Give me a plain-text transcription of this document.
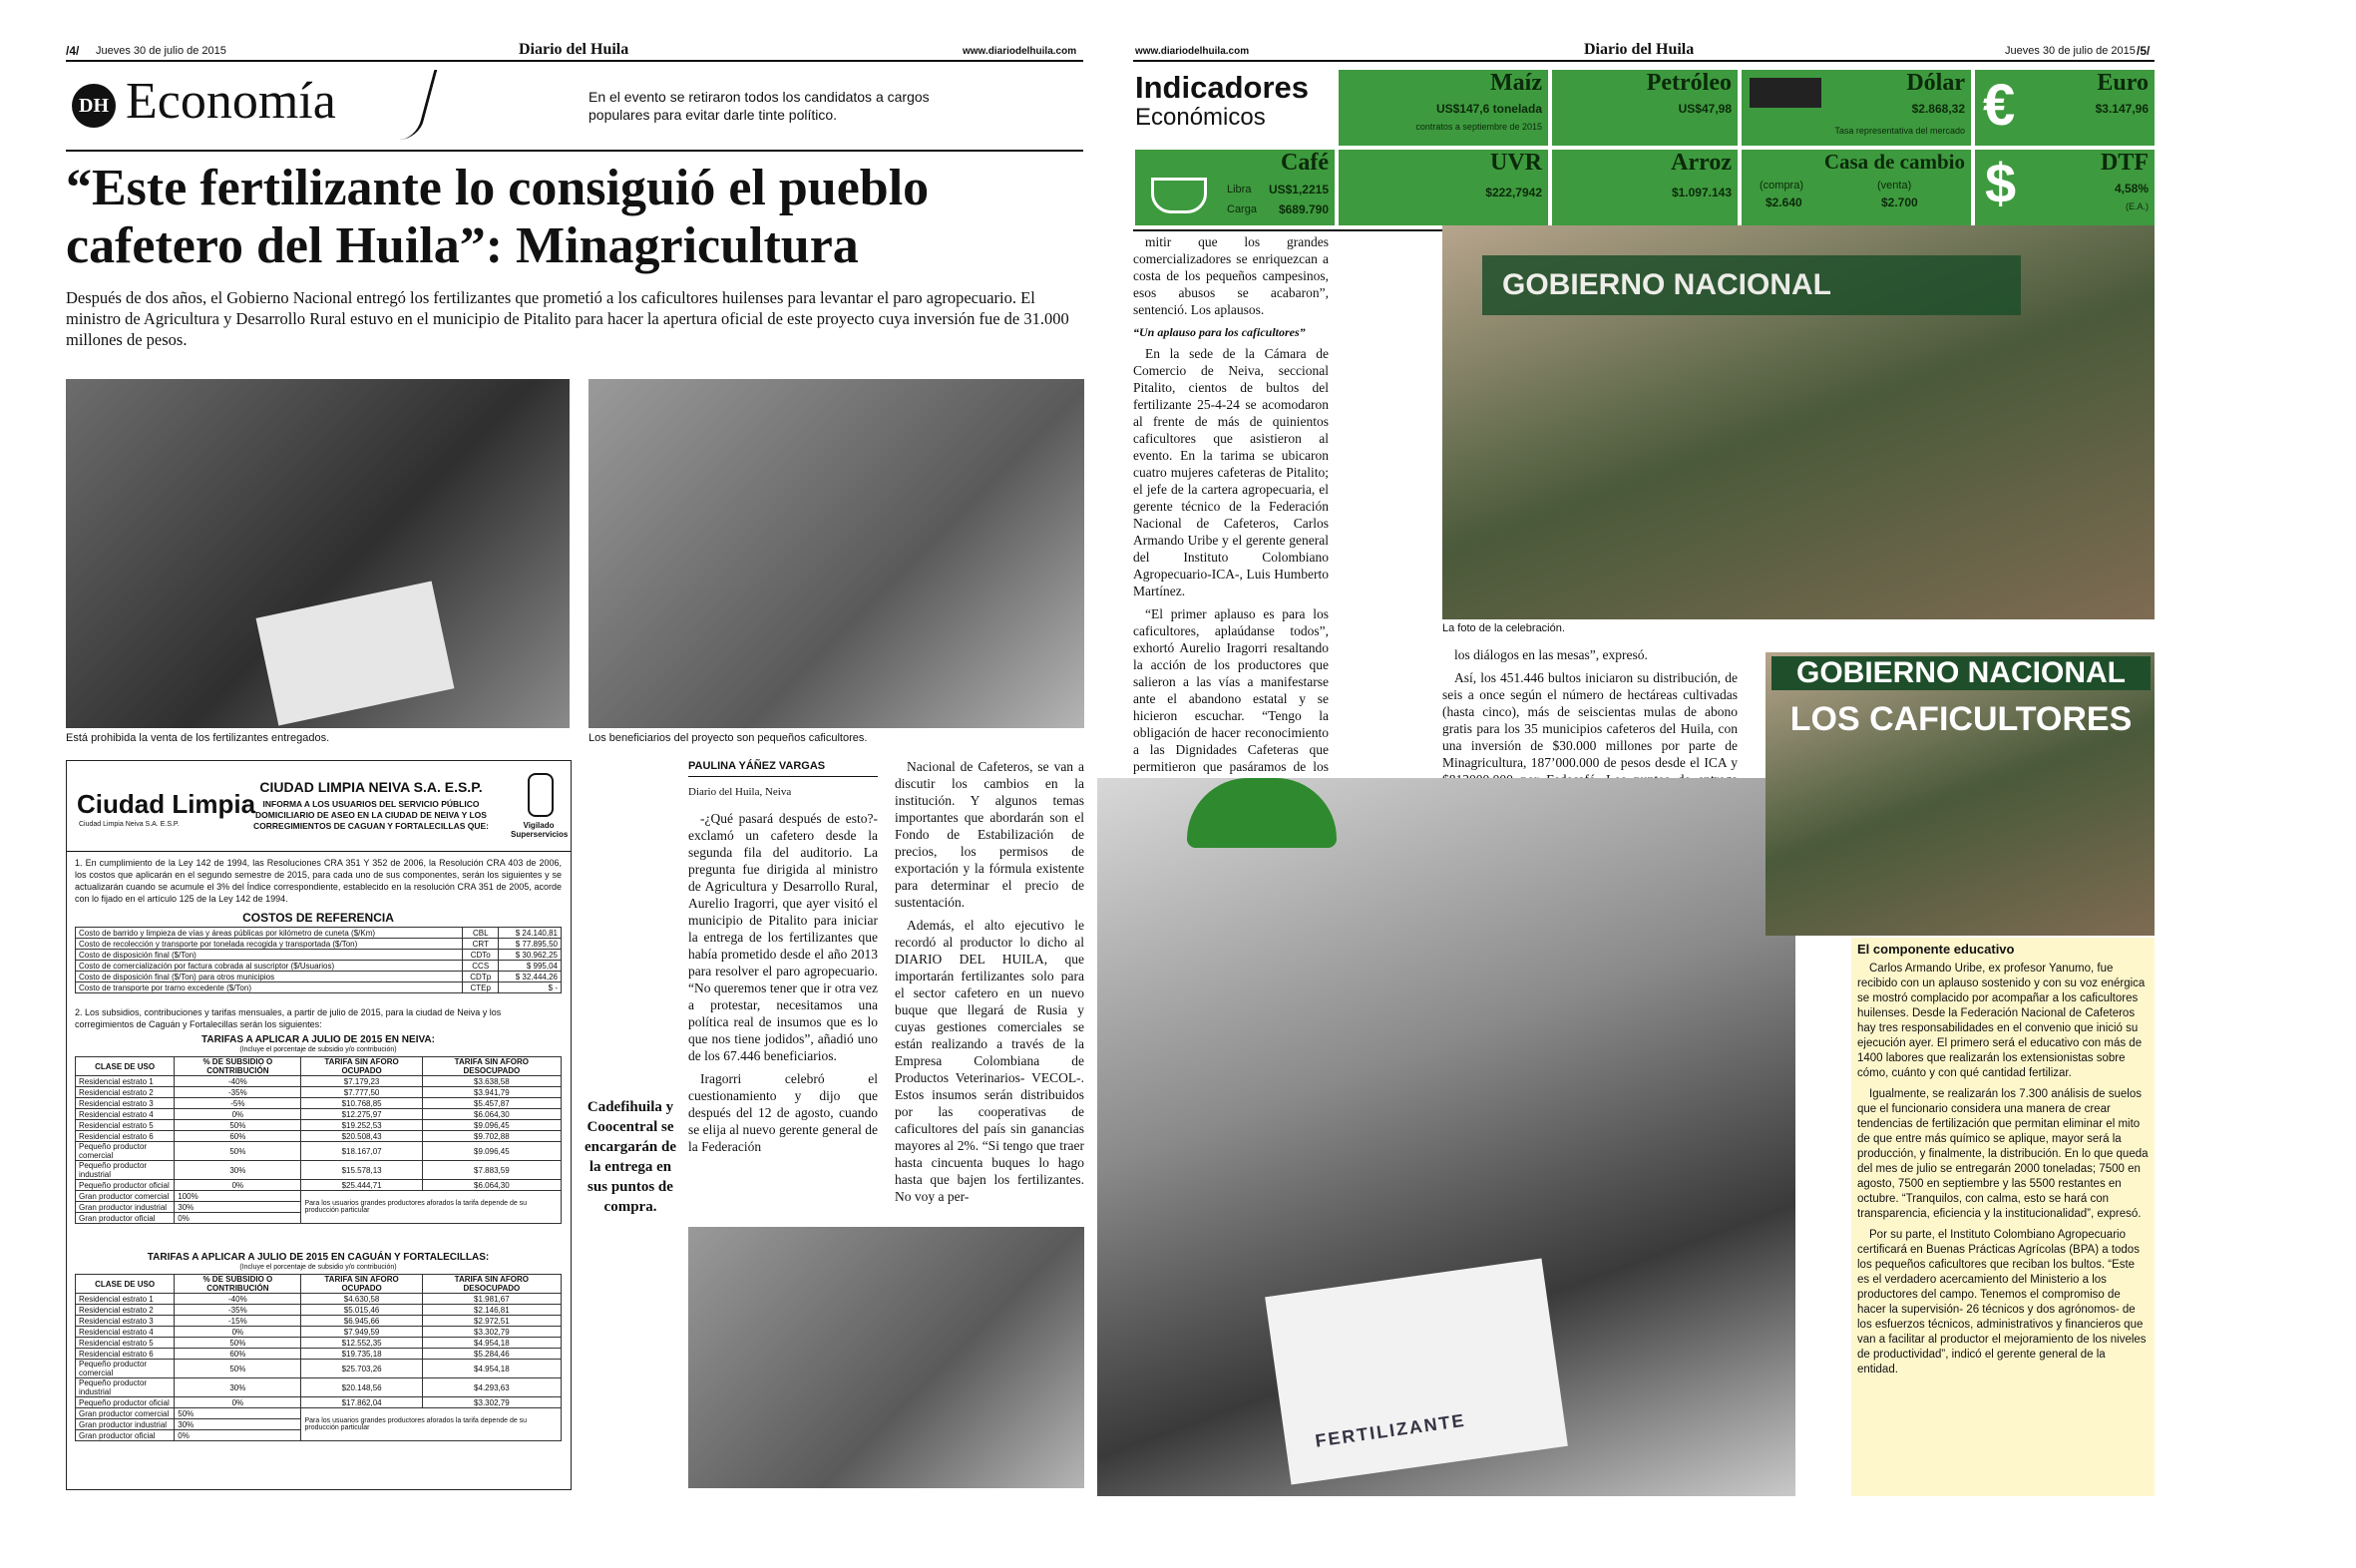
/4/ Jueves 30 de julio de 2015	Diario del Huila	www.diariodelhuila.com
DH Economía	En el evento se retiraron todos los candidatos a cargos populares para evitar darle tinte político.
“Este fertilizante lo consiguió el pueblo cafetero del Huila”: Minagricultura
Después de dos años, el Gobierno Nacional entregó los fertilizantes que prometió a los caficultores huilenses para levantar el paro agropecuario. El ministro de Agricultura y Desarrollo Rural estuvo en el municipio de Pitalito para hacer la apertura oficial de este proyecto cuya inversión fue de 31.000 millones de pesos.
Está prohibida la venta de los fertilizantes entregados.	Los beneficiarios del proyecto son pequeños caficultores.
Ciudad Limpia
Ciudad Limpia Neiva S.A. E.S.P.
CIUDAD LIMPIA NEIVA S.A. E.S.P.
INFORMA A LOS USUARIOS DEL SERVICIO PÚBLICO DOMICILIARIO DE ASEO EN LA CIUDAD DE NEIVA Y LOS CORREGIMIENTOS DE CAGUAN Y FORTALECILLAS QUE:	Vigilado Superservicios
1. En cumplimiento de la Ley 142 de 1994, las Resoluciones CRA 351 Y 352 de 2006, la Resolución CRA 403 de 2006, los costos que aplicarán en el segundo semestre de 2015, para cada uno de sus componentes, serán los siguientes y se actualizarán cuando se acumule el 3% del Índice correspondiente, establecido en la resolución CRA 351 de 2005, acorde con lo fijado en el artículo 125 de la Ley 142 de 1994.
COSTOS DE REFERENCIA
Costo de barrido y limpieza de vías y áreas públicas por kilómetro de cuneta ($/Km)	CBL	$ 24.140,81
Costo de recolección y transporte por tonelada recogida y transportada ($/Ton)	CRT	$ 77.895,50
Costo de disposición final ($/Ton)	CDTo	$ 30.962,25
Costo de comercialización por factura cobrada al suscriptor ($/Usuarios)	CCS	$ 995,04
Costo de disposición final ($/Ton) para otros municipios	CDTp	$ 32.444,26
Costo de transporte por tramo excedente ($/Ton)	CTEp	$ -
2. Los subsidios, contribuciones y tarifas mensuales, a partir de julio de 2015, para la ciudad de Neiva y los corregimientos de Caguán y Fortalecillas serán los siguientes:
TARIFAS A APLICAR A JULIO DE 2015 EN NEIVA:
(Incluye el porcentaje de subsidio y/o contribución)
CLASE DE USO	% DE SUBSIDIO O CONTRIBUCIÓN	TARIFA SIN AFORO OCUPADO	TARIFA SIN AFORO DESOCUPADO
Residencial estrato 1	-40%	$7.179,23	$3.638,58
Residencial estrato 2	-35%	$7.777,50	$3.941,79
Residencial estrato 3	-5%	$10.768,85	$5.457,87
Residencial estrato 4	0%	$12.275,97	$6.064,30
Residencial estrato 5	50%	$19.252,53	$9.096,45
Residencial estrato 6	60%	$20.508,43	$9.702,88
Pequeño productor comercial	50%	$18.167,07	$9.096,45
Pequeño productor industrial	30%	$15.578,13	$7.883,59
Pequeño productor oficial	0%	$25.444,71	$6.064,30
Gran productor comercial	100%	Para los usuarios grandes productores aforados la tarifa depende de su producción particular	
Gran productor industrial	30%		
Gran productor oficial	0%		
TARIFAS A APLICAR A JULIO DE 2015 EN CAGUÁN Y FORTALECILLAS:
(Incluye el porcentaje de subsidio y/o contribución)
CLASE DE USO	% DE SUBSIDIO O CONTRIBUCIÓN	TARIFA SIN AFORO OCUPADO	TARIFA SIN AFORO DESOCUPADO
Residencial estrato 1	-40%	$4.630,58	$1.981,67
Residencial estrato 2	-35%	$5.015,46	$2.146,81
Residencial estrato 3	-15%	$6.945,66	$2.972,51
Residencial estrato 4	0%	$7.949,59	$3.302,79
Residencial estrato 5	50%	$12.552,35	$4.954,18
Residencial estrato 6	60%	$19.735,18	$5.284,46
Pequeño productor comercial	50%	$25.703,26	$4.954,18
Pequeño productor industrial	30%	$20.148,56	$4.293,63
Pequeño productor oficial	0%	$17.862,04	$3.302,79
Gran productor comercial	50%	Para los usuarios grandes productores aforados la tarifa depende de su producción particular	
Gran productor industrial	30%		
Gran productor oficial	0%		
Cadefihuila y Coocentral se encargarán de la entrega en sus puntos de compra.
PAULINA YÁÑEZ VARGAS
Diario del Huila, Neiva

-¿Qué pasará después de esto?- exclamó un cafetero desde la segunda fila del auditorio. La pregunta fue dirigida al ministro de Agricultura y Desarrollo Rural, Aurelio Iragorri, que ayer visitó el municipio de Pitalito para iniciar la entrega de los fertilizantes que había prometido desde el año 2013 para resolver el paro agropecuario. “No queremos tener que ir otra vez a protestar, necesitamos una política real de insumos que es lo que nos tiene jodidos”, añadió uno de los 67.446 beneficiarios.

Iragorri celebró el cuestionamiento y dijo que después del 12 de agosto, cuando se elija al nuevo gerente general de la Federación

Nacional de Cafeteros, se van a discutir los cambios en la institución. Y algunos temas importantes que abordarán son el Fondo de Estabilización de precios, los permisos de exportación y la fórmula existente para determinar el precio de sustentación.

Además, el alto ejecutivo le recordó al productor lo dicho al DIARIO DEL HUILA, que importarán fertilizantes solo para el sector cafetero en un nuevo buque que llegará de Rusia y cuyas gestiones comerciales se están realizando a través de la Empresa Colombiana de Productos Veterinarios- VECOL-. Estos insumos serán distribuidos por las cooperativas de caficultores del país sin ganancias mayores al 2%. “Si tengo que traer hasta cincuenta buques lo hago hasta que bajen los fertilizantes. No voy a per-

www.diariodelhuila.com	Diario del Huila	Jueves 30 de julio de 2015 /5/
Indicadores
Económicos
Maíz
US$147,6 tonelada
contratos a septiembre de 2015
Petróleo
US$47,98
Dólar
$2.868,32
Tasa representativa del mercado €	Euro
$3.147,96
Café
Libra US$1,2215
Carga $689.790
UVR
$222,7942
Arroz
$1.097.143
Casa de cambio
(compra)
$2.640
(venta)
$2.700 $	DTF
4,58%
(E.A.)

mitir que los grandes comercializadores se enriquezcan a costa de los pequeños campesinos, esos abusos se acabaron”, sentenció. Los aplausos.

“Un aplauso para los caficultores”

En la sede de la Cámara de Comercio de Neiva, seccional Pitalito, cientos de bultos del fertilizante 25-4-24 se acomodaron al frente de más de quinientos caficultores que asistieron al evento. En la tarima se ubicaron cuatro mujeres cafeteras de Pitalito; el jefe de la cartera agropecuaria, el gerente técnico de la Federación Nacional de Cafeteros, Carlos Armando Uribe y el gerente general del Instituto Colombiano Agropecuario-ICA-, Luis Humberto Martínez.

“El primer aplauso es para los caficultores, aplaúdanse todos”, exhortó Aurelio Iragorri resaltando la acción de los productores que salieron a las vías a manifestarse ante el abandono estatal y se hicieron escuchar. “Tengo la obligación de hacer reconocimiento a las Dignidades Cafeteras que permitieron que pasáramos de los

GOBIERNO NACIONAL
La foto de la celebración.

los diálogos en las mesas”, expresó.

Así, los 451.446 bultos iniciaron su distribución, de seis a once según el número de hectáreas cultivadas (hasta cinco), más de seiscientas mulas de abono gratis para los 35 municipios cafeteros del Huila, con una inversión de $30.000 millones por parte de Minagricultura, 187’000.000 de pesos desde el ICA y

FERTILIZANTE
GOBIERNO NACIONAL
LOS CAFICULTORES
El componente educativo

Carlos Armando Uribe, ex profesor Yanumo, fue recibido con un aplauso sostenido y con su voz enérgica se mostró complacido por acompañar a los caficultores huilenses. Desde la Federación Nacional de Cafeteros hay tres responsabilidades en el convenio que inició su ejecución ayer. El primero será el educativo con más de 1400 labores que realizarán los extensionistas sobre cómo, cuánto y con qué cantidad fertilizar.

Igualmente, se realizarán los 7.300 análisis de suelos que el funcionario considera una manera de crear tendencias de fertilización que permitan eliminar el mito de que entre más químico se aplique, mayor será la producción, y finalmente, la distribución. En lo que queda del mes de julio se entregarán 2000 toneladas; 7500 en agosto, 7500 en septiembre y las 5500 restantes en octubre. “Tranquilos, con calma, esto se hará con transparencia, eficiencia y la institucionalidad”, expresó.

Por su parte, el Instituto Colombiano Agropecuario certificará en Buenas Prácticas Agrícolas (BPA) a todos los pequeños caficultores que reciban los bultos. “Este es el verdadero acercamiento del Ministerio a los productores del campo. Tenemos el compromiso de hacer la supervisión- 26 técnicos y dos agrónomos- de los esfuerzos técnicos, administrativos y financieros que van a facilitar al productor el mejoramiento de los niveles de productividad”, indicó el gerente general de la entidad.
